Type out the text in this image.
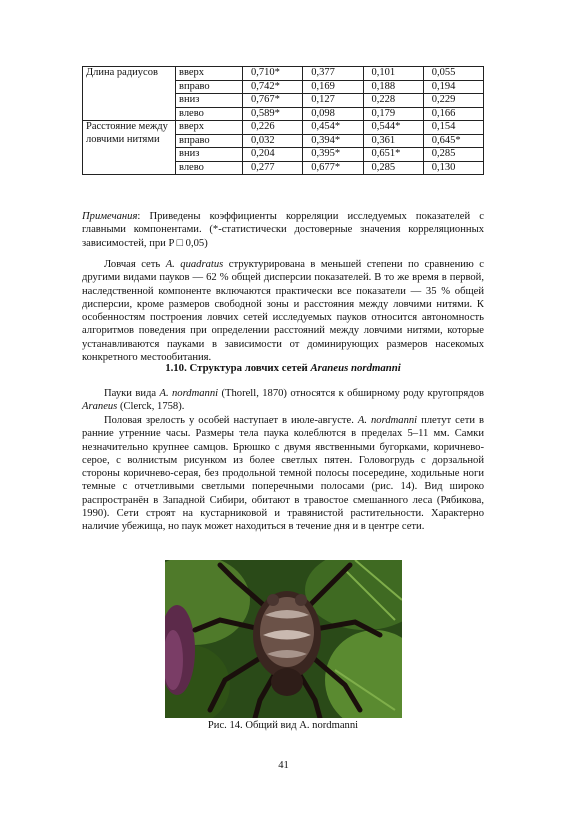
Длина радиусов	вверх	0,710*	0,377	0,101	0,055
	вправо	0,742*	0,169	0,188	0,194
	вниз	0,767*	0,127	0,228	0,229
	влево	0,589*	0,098	0,179	0,166
Расстояние между ловчими нитями	вверх	0,226	0,454*	0,544*	0,154
	вправо	0,032	0,394*	0,361	0,645*
	вниз	0,204	0,395*	0,651*	0,285
	влево	0,277	0,677*	0,285	0,130
Примечания: Приведены коэффициенты корреляции исследуемых показателей с главными компонентами. (*-статистически достоверные значения корреляционных зависимостей, при P □ 0,05)
Ловчая сеть A. quadratus структурирована в меньшей степени по сравнению с другими видами пауков — 62 % общей дисперсии показателей. В то же время в первой, наследственной компоненте включаются практически все показатели — 35 % общей дисперсии, кроме размеров свободной зоны и расстояния между ловчими нитями. К особенностям построения ловчих сетей исследуемых пауков относится автономность алгоритмов поведения при определении расстояний между ловчими нитями, которые устанавливаются пауками в зависимости от доминирующих размеров насекомых конкретного местообитания.
1.10. Структура ловчих сетей Araneus nordmanni
Пауки вида A. nordmanni (Thorell, 1870) относятся к обширному роду кругопрядов Araneus (Clerck, 1758).
Половая зрелость у особей наступает в июле-августе. A. nordmanni плетут сети в ранние утренние часы. Размеры тела паука колеблются в пределах 5–11 мм. Самки незначительно крупнее самцов. Брюшко с двумя явственными бугорками, коричнево-серое, с волнистым рисунком из более светлых пятен. Головогрудь с дорзальной стороны коричнево-серая, без продольной темной полосы посередине, ходильные ноги темные с отчетливыми светлыми поперечными полосами (рис. 14). Вид широко распространён в Западной Сибири, обитают в травостое смешанного леса (Рябикова, 1990). Сети строят на кустарниковой и травянистой растительности. Характерно наличие убежища, но паук может находиться в течение дня и в центре сети.
Рис. 14. Общий вид A. nordmanni
41
